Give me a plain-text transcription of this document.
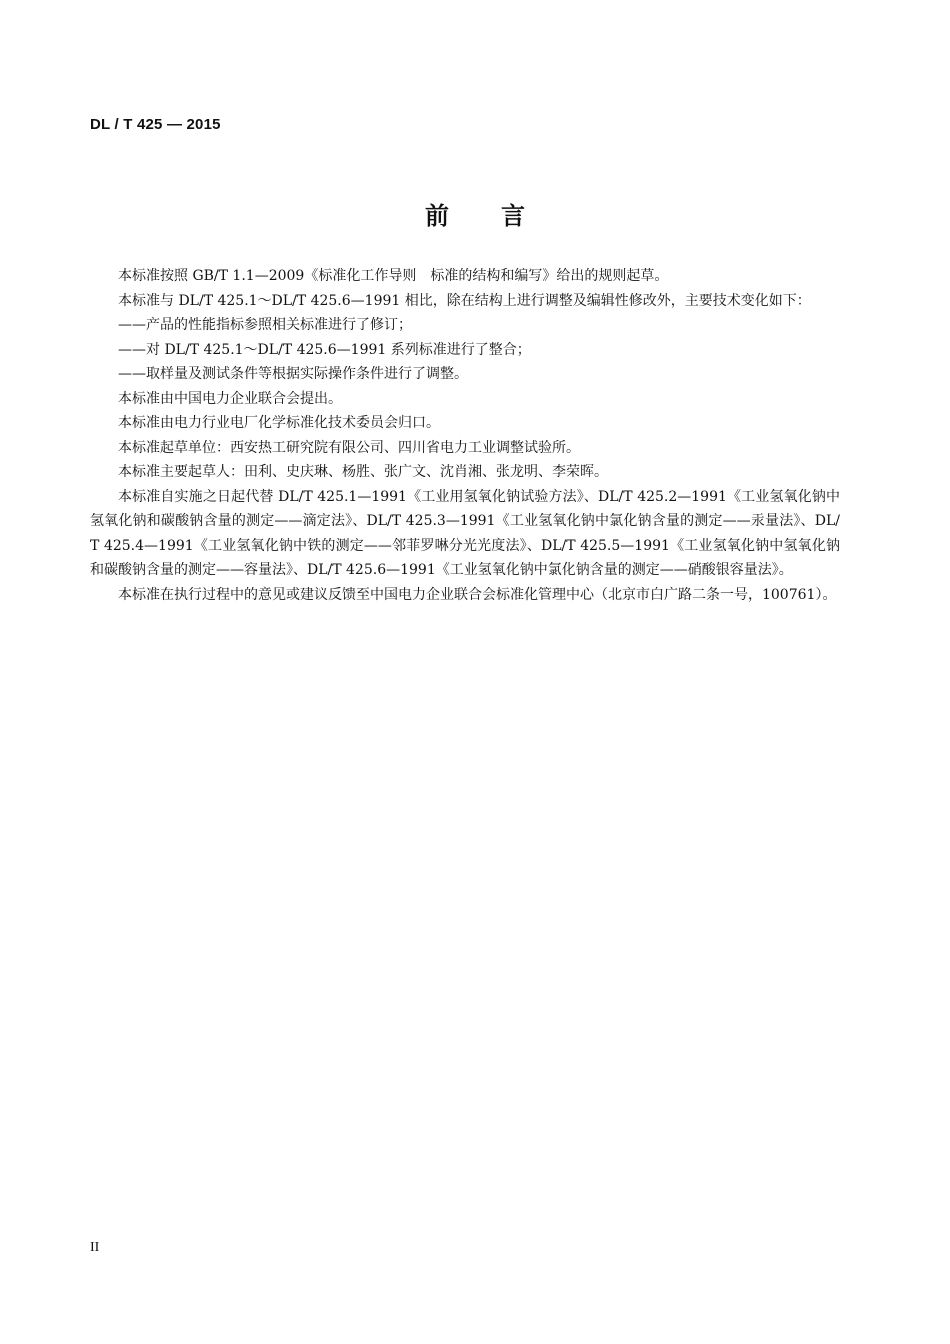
DL / T 425 — 2015
前言

本标准按照 GB/T 1.1—2009《标准化工作导则　标准的结构和编写》给出的规则起草。

本标准与 DL/T 425.1～DL/T 425.6—1991 相比，除在结构上进行调整及编辑性修改外，主要技术变化如下：

——产品的性能指标参照相关标准进行了修订；

——对 DL/T 425.1～DL/T 425.6—1991 系列标准进行了整合；

——取样量及测试条件等根据实际操作条件进行了调整。

本标准由中国电力企业联合会提出。

本标准由电力行业电厂化学标准化技术委员会归口。

本标准起草单位：西安热工研究院有限公司、四川省电力工业调整试验所。

本标准主要起草人：田利、史庆琳、杨胜、张广文、沈肖湘、张龙明、李荣晖。

本标准自实施之日起代替 DL/T 425.1—1991《工业用氢氧化钠试验方法》、DL/T 425.2—1991《工业氢氧化钠中氢氧化钠和碳酸钠含量的测定——滴定法》、DL/T 425.3—1991《工业氢氧化钠中氯化钠含量的测定——汞量法》、DL/T 425.4—1991《工业氢氧化钠中铁的测定——邻菲罗啉分光光度法》、DL/T 425.5—1991《工业氢氧化钠中氢氧化钠和碳酸钠含量的测定——容量法》、DL/T 425.6—1991《工业氢氧化钠中氯化钠含量的测定——硝酸银容量法》。

本标准在执行过程中的意见或建议反馈至中国电力企业联合会标准化管理中心（北京市白广路二条一号，100761）。

II
